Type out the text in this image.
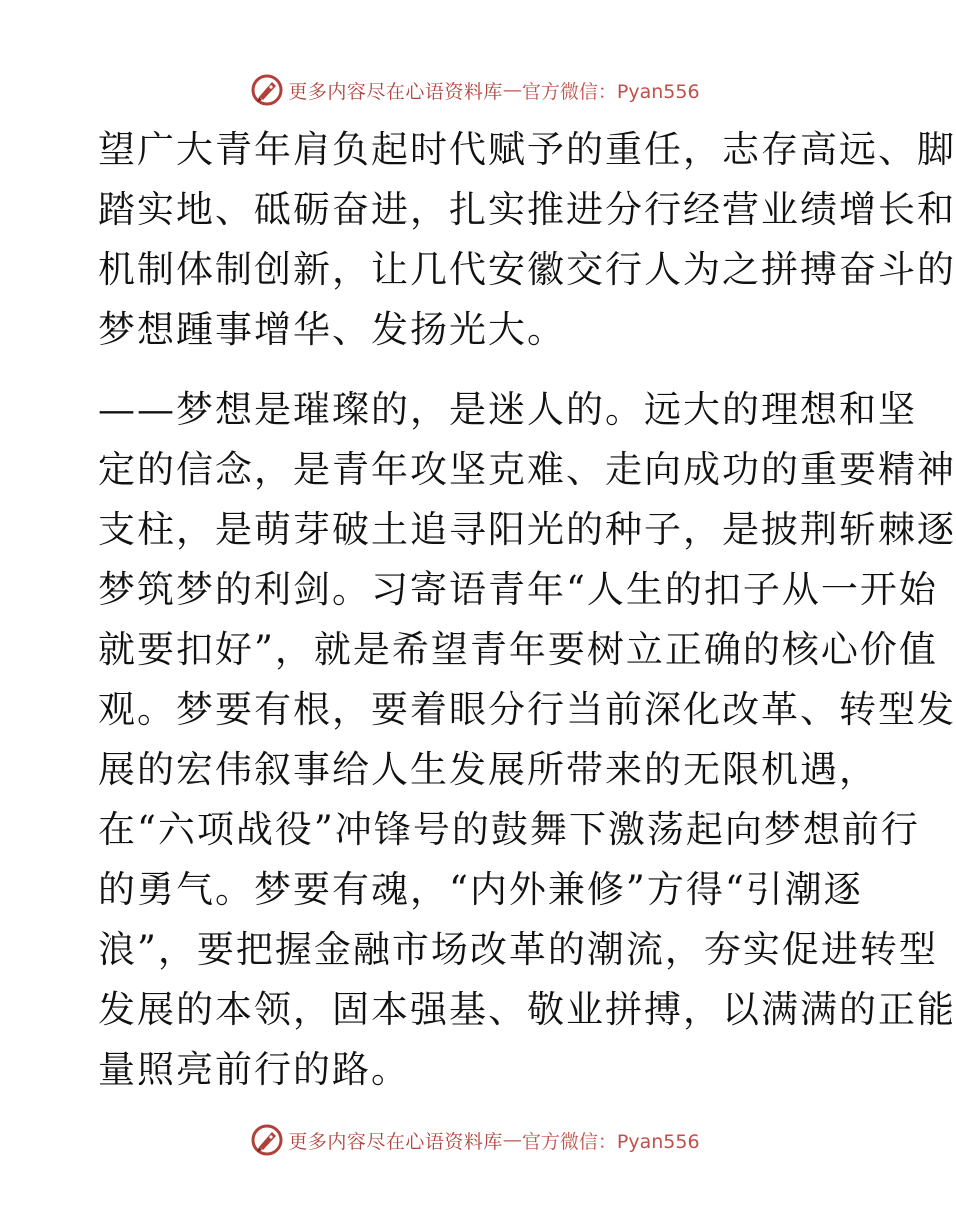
更多内容尽在心语资料库 — 官方微信：Pyan556
望广大青年肩负起时代赋予的重任，志存高远、脚
踏实地、砥砺奋进，扎实推进分行经营业绩增长和
机制体制创新，让几代安徽交行人为之拼搏奋斗的
梦想踵事增华、发扬光大。
——梦想是璀璨的，是迷人的。远大的理想和坚
定的信念，是青年攻坚克难、走向成功的重要精神
支柱，是萌芽破土追寻阳光的种子，是披荆斩棘逐
梦筑梦的利剑。习寄语青年“人生的扣子从一开始
就要扣好”，就是希望青年要树立正确的核心价值
观。梦要有根，要着眼分行当前深化改革、转型发
展的宏伟叙事给人生发展所带来的无限机遇，
在“六项战役”冲锋号的鼓舞下激荡起向梦想前行
的勇气。梦要有魂，“内外兼修”方得“引潮逐
浪”，要把握金融市场改革的潮流，夯实促进转型
发展的本领，固本强基、敬业拼搏，以满满的正能
量照亮前行的路。
更多内容尽在心语资料库 — 官方微信：Pyan556
